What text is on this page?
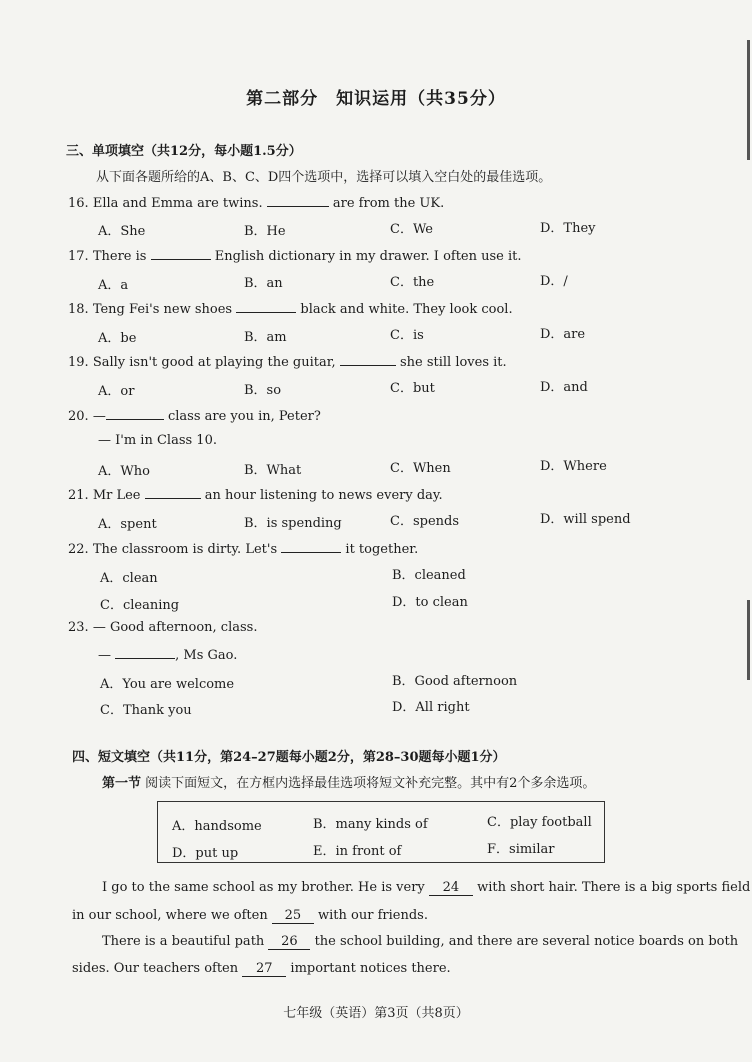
第二部分　知识运用（共35分）
三、单项填空（共12分，每小题1.5分）
从下面各题所给的A、B、C、D四个选项中，选择可以填入空白处的最佳选项。
16. Ella and Emma are twins.	are from the UK.
A．She	B．He	C．We	D．They
17. There is	English dictionary in my drawer. I often use it.
A．a	B．an	C．the	D．/
18. Teng Fei's new shoes	black and white. They look cool.
A．be	B．am	C．is	D．are
19. Sally isn't good at playing the guitar,	she still loves it.
A．or	B．so	C．but	D．and
20. —	class are you in, Peter?
— I'm in Class 10.
A．Who	B．What	C．When	D．Where
21. Mr Lee	an hour listening to news every day.
A．spent	B．is spending	C．spends	D．will spend
22. The classroom is dirty. Let's	it together.
A．clean	B．cleaned
C．cleaning	D．to clean
23. — Good afternoon, class.
—	, Ms Gao.
A．You are welcome	B．Good afternoon
C．Thank you	D．All right
四、短文填空（共11分，第24–27题每小题2分，第28–30题每小题1分）
第一节 阅读下面短文，在方框内选择最佳选项将短文补充完整。其中有2个多余选项。
A．handsome	B．many kinds of	C．play football
D．put up	E．in front of	F．similar
I go to the same school as my brother. He is very 24 with short hair. There is a big sports field
in our school, where we often 25 with our friends.
There is a beautiful path 26 the school building, and there are several notice boards on both
sides. Our teachers often 27 important notices there.
七年级（英语）第3页（共8页）
